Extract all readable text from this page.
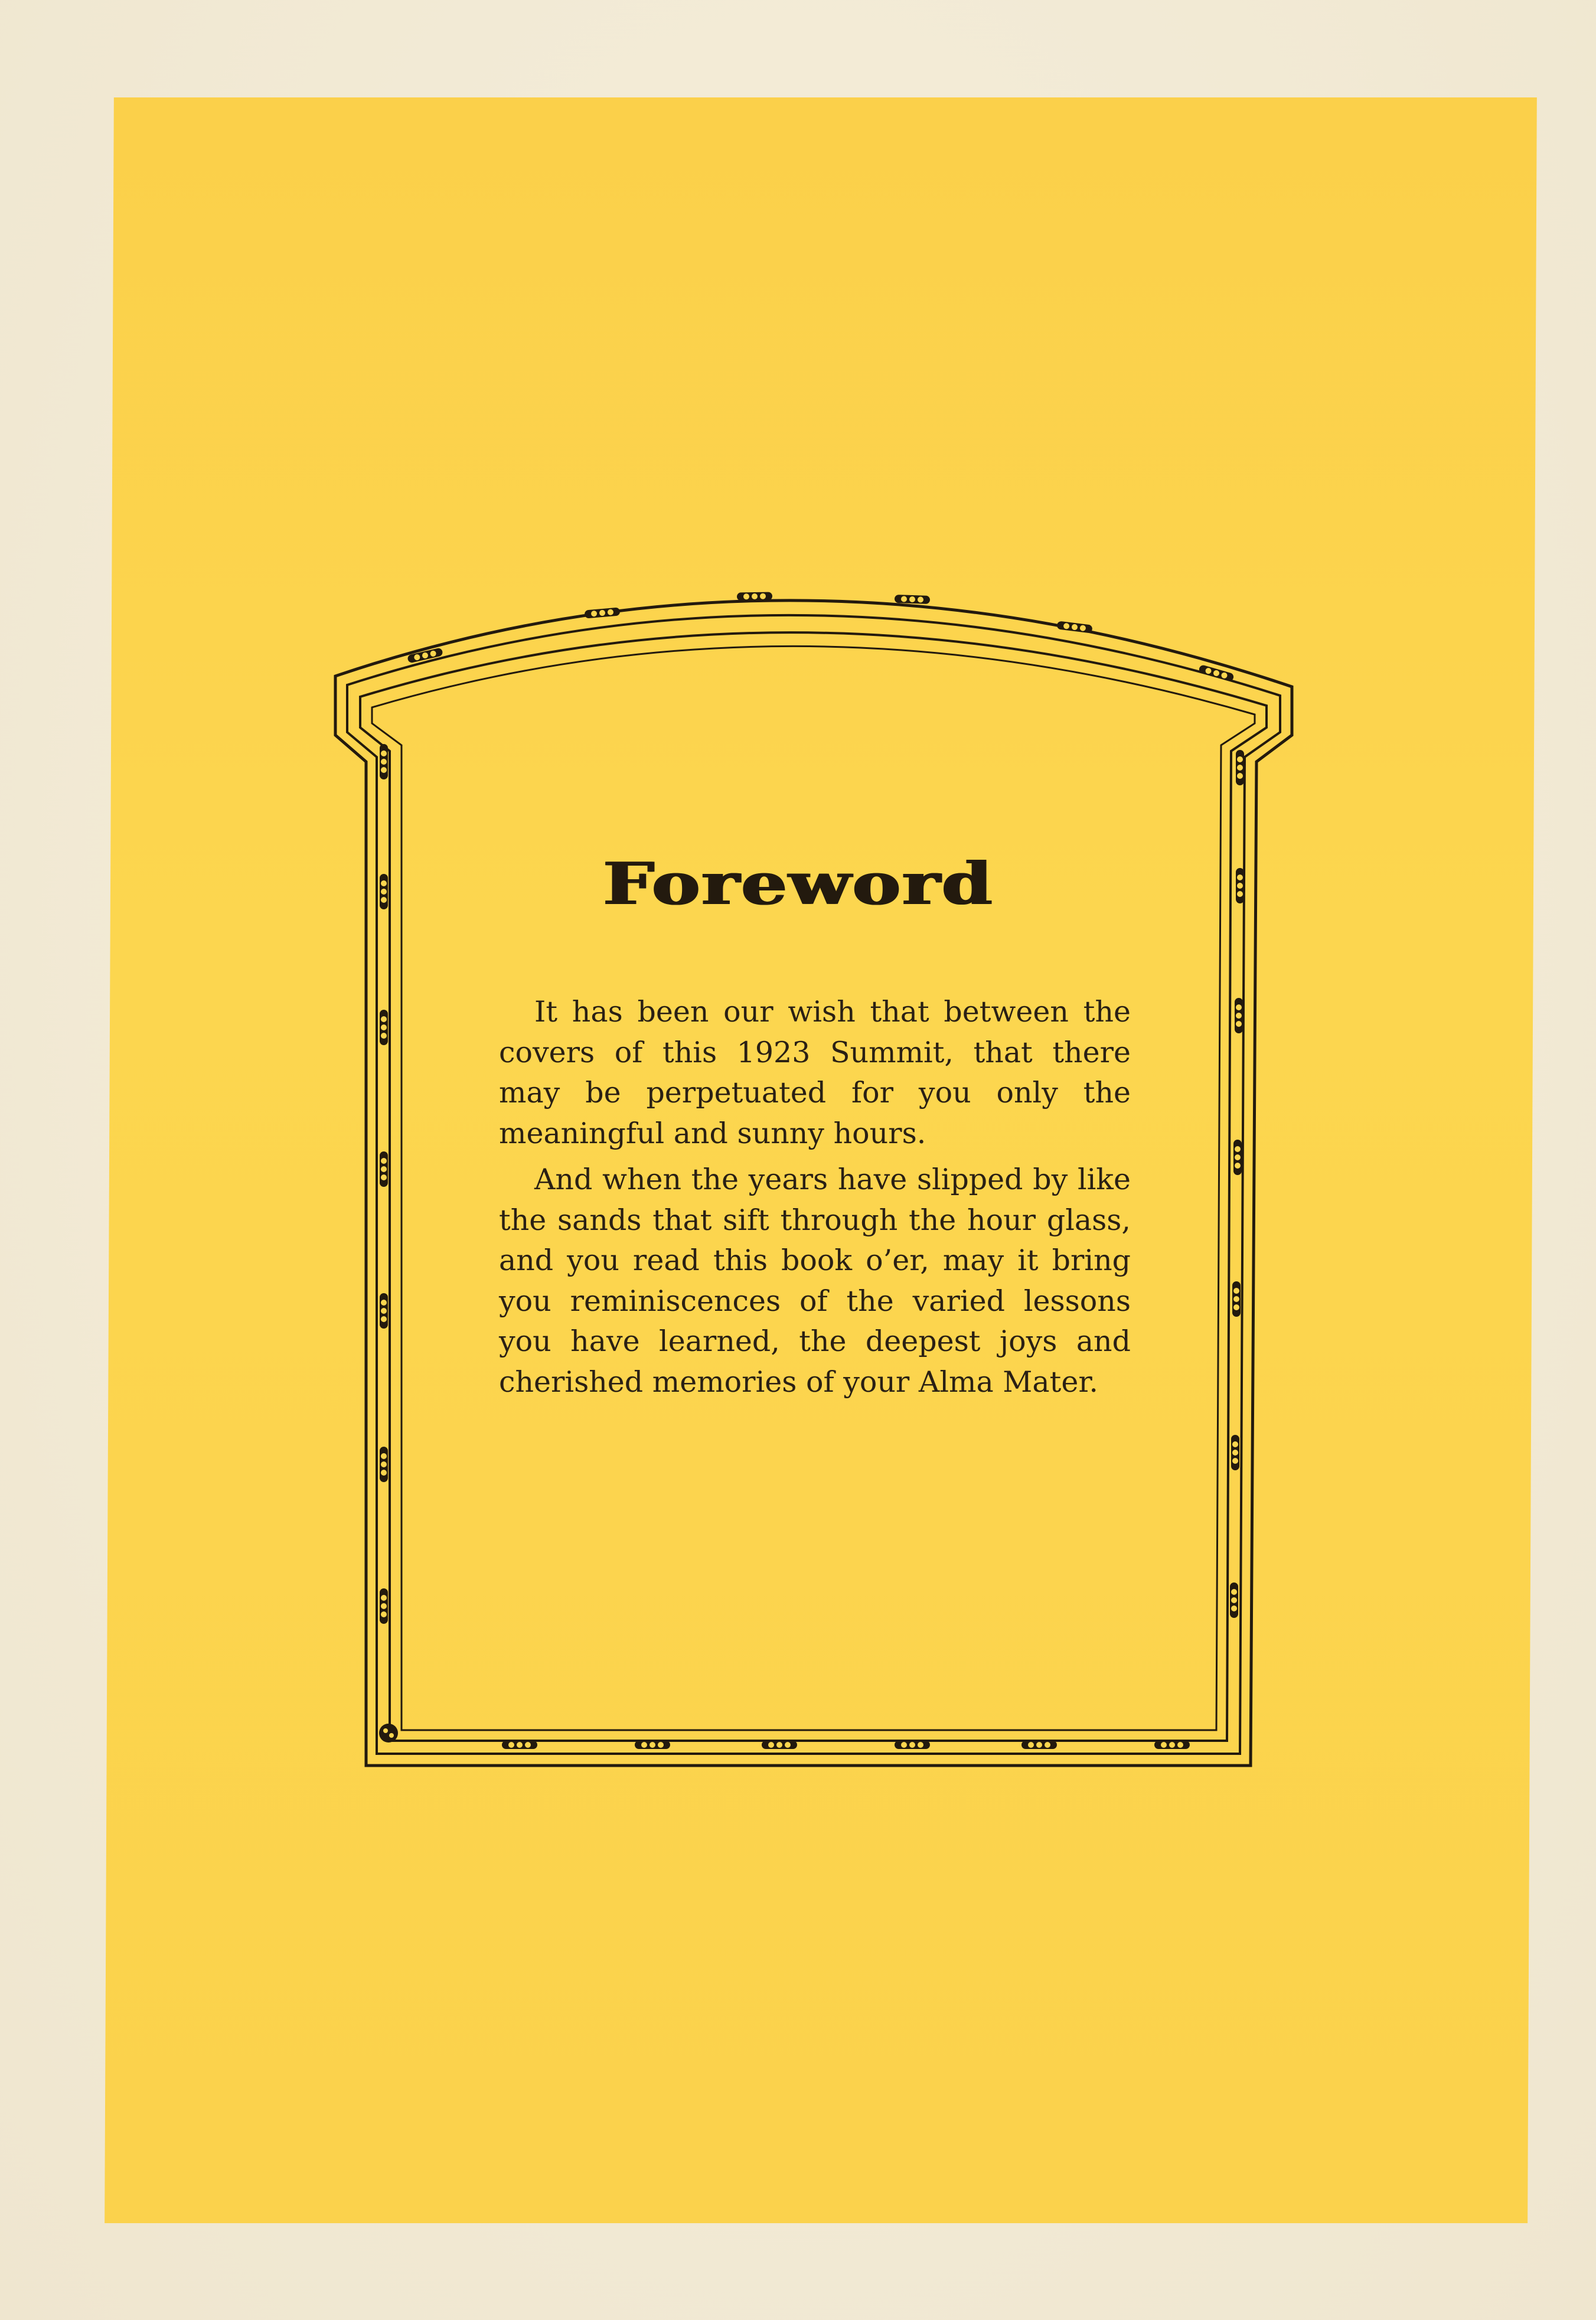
Foreword

It has been our wish that between the covers of this 1923 Summit, that there may be perpetuated for you only the meaningful and sunny hours.

And when the years have slipped by like the sands that sift through the hour glass, and you read this book o’er, may it bring you reminiscences of the varied lessons you have learned, the deepest joys and cherished memories of your Alma Mater.
